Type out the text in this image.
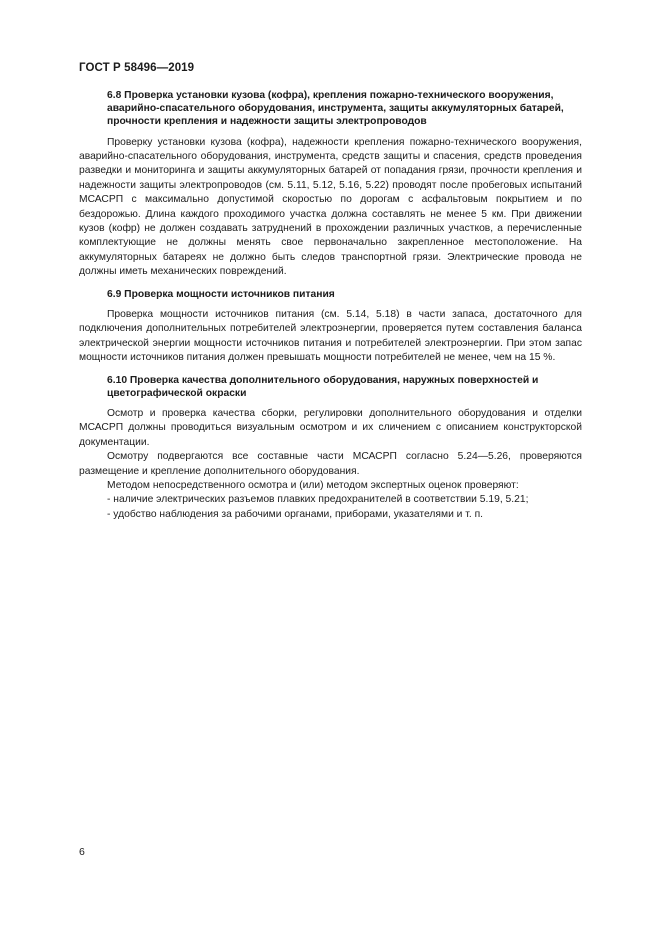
ГОСТ Р 58496—2019

6.8 Проверка установки кузова (кофра), крепления пожарно-технического вооружения, аварийно-спасательного оборудования, инструмента, защиты аккумуляторных батарей, прочности крепления и надежности защиты электропроводов

Проверку установки кузова (кофра), надежности крепления пожарно-технического вооружения, аварийно-спасательного оборудования, инструмента, средств защиты и спасения, средств проведения разведки и мониторинга и защиты аккумуляторных батарей от попадания грязи, прочности крепления и надежности защиты электропроводов (см. 5.11, 5.12, 5.16, 5.22) проводят после пробеговых испытаний МСАСРП с максимально допустимой скоростью по дорогам с асфальтовым покрытием и по бездорожью. Длина каждого проходимого участка должна составлять не менее 5 км. При движении кузов (кофр) не должен создавать затруднений в прохождении различных участков, а перечисленные комплектующие не должны менять свое первоначально закрепленное местоположение. На аккумуляторных батареях не должно быть следов транспортной грязи. Электрические провода не должны иметь механических повреждений.

6.9 Проверка мощности источников питания

Проверка мощности источников питания (см. 5.14, 5.18) в части запаса, достаточного для подключения дополнительных потребителей электроэнергии, проверяется путем составления баланса электрической энергии мощности источников питания и потребителей электроэнергии. При этом запас мощности источников питания должен превышать мощности потребителей не менее, чем на 15 %.

6.10 Проверка качества дополнительного оборудования, наружных поверхностей и цветографической окраски

Осмотр и проверка качества сборки, регулировки дополнительного оборудования и отделки МСАСРП должны проводиться визуальным осмотром и их сличением с описанием конструкторской документации.

Осмотру подвергаются все составные части МСАСРП согласно 5.24—5.26, проверяются размещение и крепление дополнительного оборудования.

Методом непосредственного осмотра и (или) методом экспертных оценок проверяют:

- наличие электрических разъемов плавких предохранителей в соответствии 5.19, 5.21;

- удобство наблюдения за рабочими органами, приборами, указателями и т. п.

6
